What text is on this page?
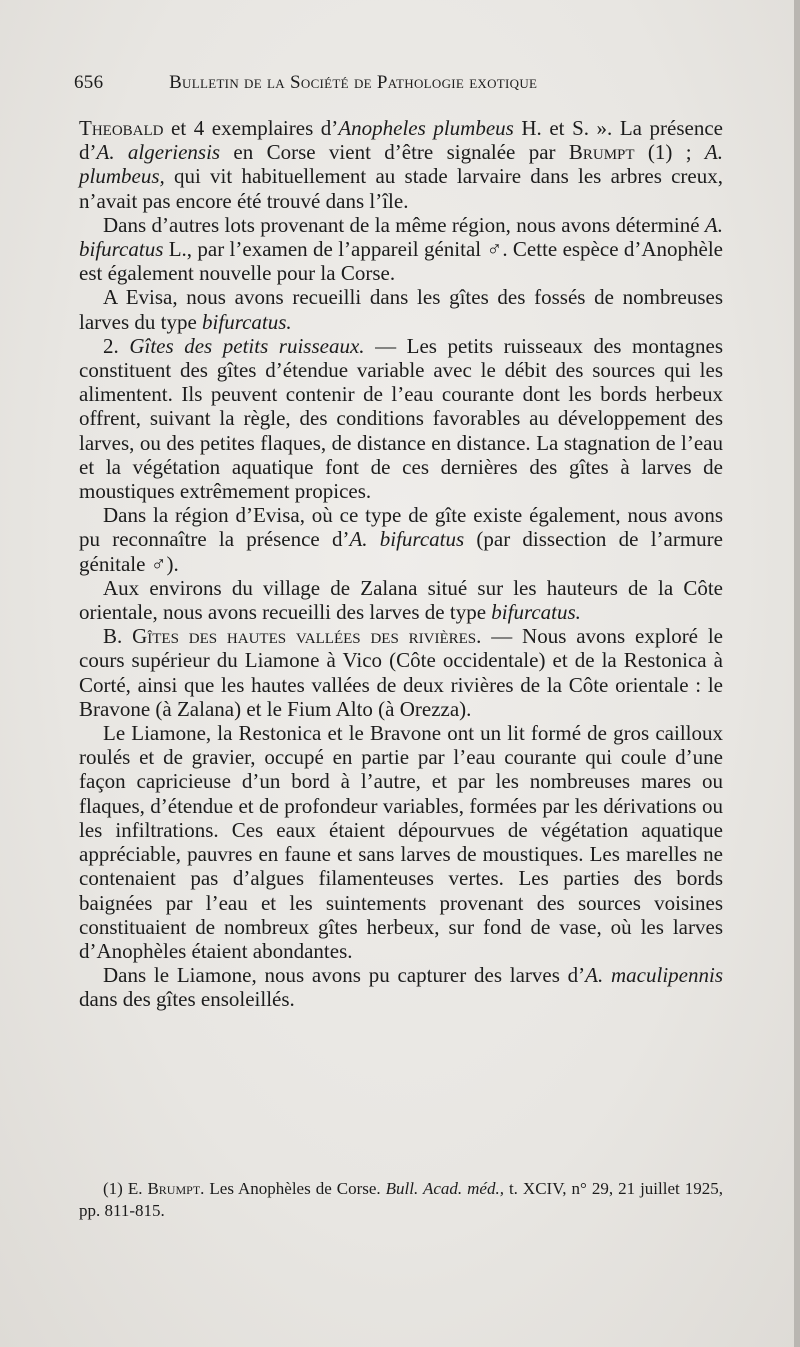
656	Bulletin de la Société de Pathologie exotique

Theobald et 4 exemplaires d’Anopheles plumbeus H. et S. ». La présence d’A. algeriensis en Corse vient d’être signalée par Brumpt (1) ; A. plumbeus, qui vit habituellement au stade larvaire dans les arbres creux, n’avait pas encore été trouvé dans l’île.

Dans d’autres lots provenant de la même région, nous avons déterminé A. bifurcatus L., par l’examen de l’appareil génital ♂. Cette espèce d’Anophèle est également nouvelle pour la Corse.

A Evisa, nous avons recueilli dans les gîtes des fossés de nombreuses larves du type bifurcatus.

2. Gîtes des petits ruisseaux. — Les petits ruisseaux des montagnes constituent des gîtes d’étendue variable avec le débit des sources qui les alimentent. Ils peuvent contenir de l’eau courante dont les bords herbeux offrent, suivant la règle, des conditions favorables au développement des larves, ou des petites flaques, de distance en distance. La stagnation de l’eau et la végétation aquatique font de ces dernières des gîtes à larves de moustiques extrêmement propices.

Dans la région d’Evisa, où ce type de gîte existe également, nous avons pu reconnaître la présence d’A. bifurcatus (par dissection de l’armure génitale ♂).

Aux environs du village de Zalana situé sur les hauteurs de la Côte orientale, nous avons recueilli des larves de type bifurcatus.

B. Gîtes des hautes vallées des rivières. — Nous avons exploré le cours supérieur du Liamone à Vico (Côte occidentale) et de la Restonica à Corté, ainsi que les hautes vallées de deux rivières de la Côte orientale : le Bravone (à Zalana) et le Fium Alto (à Orezza).

Le Liamone, la Restonica et le Bravone ont un lit formé de gros cailloux roulés et de gravier, occupé en partie par l’eau courante qui coule d’une façon capricieuse d’un bord à l’autre, et par les nombreuses mares ou flaques, d’étendue et de profondeur variables, formées par les dérivations ou les infiltrations. Ces eaux étaient dépourvues de végétation aquatique appréciable, pauvres en faune et sans larves de moustiques. Les marelles ne contenaient pas d’algues filamenteuses vertes. Les parties des bords baignées par l’eau et les suintements provenant des sources voisines constituaient de nombreux gîtes herbeux, sur fond de vase, où les larves d’Anophèles étaient abondantes.

Dans le Liamone, nous avons pu capturer des larves d’A. maculipennis dans des gîtes ensoleillés.

(1) E. Brumpt. Les Anophèles de Corse. Bull. Acad. méd., t. XCIV, n° 29, 21 juillet 1925, pp. 811-815.
